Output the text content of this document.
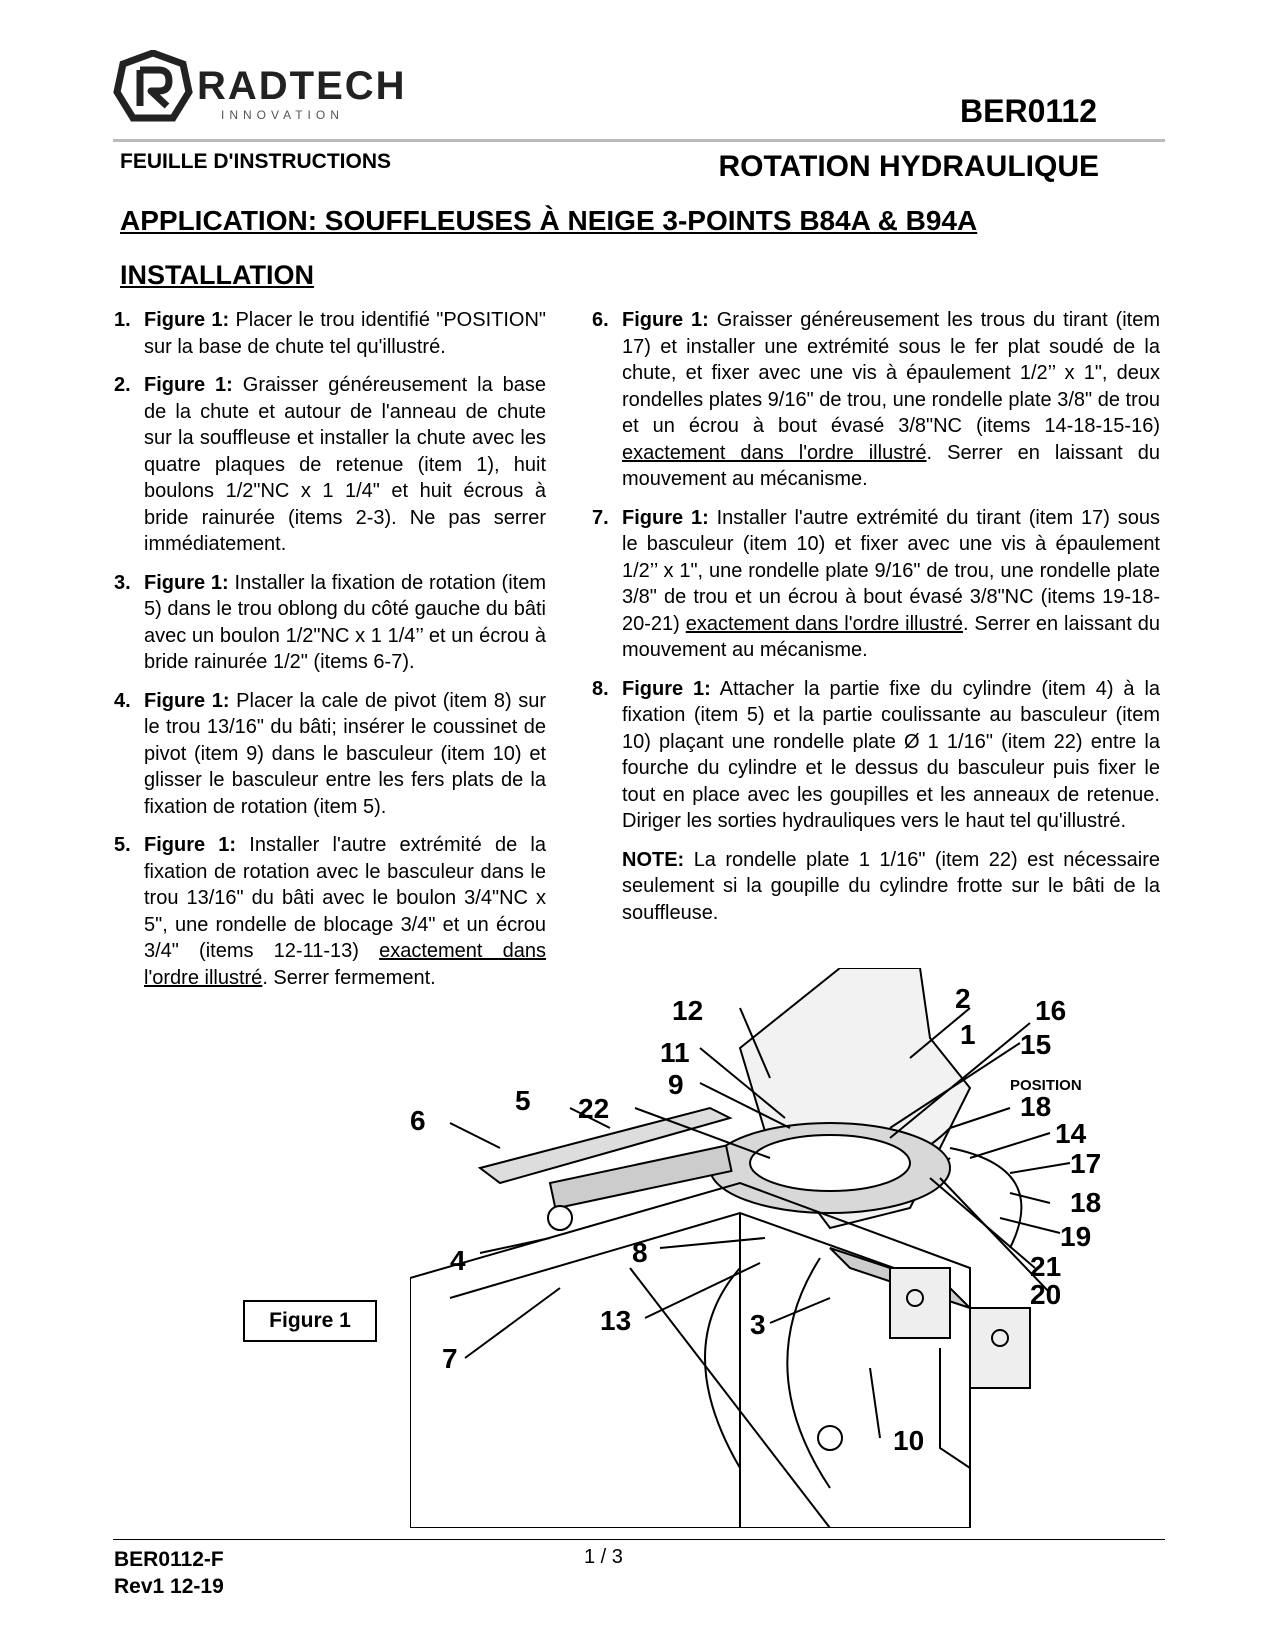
RADTECH
INNOVATION	BER0112
FEUILLE D'INSTRUCTIONS	ROTATION HYDRAULIQUE
APPLICATION: SOUFFLEUSES À NEIGE 3-POINTS B84A & B94A
INSTALLATION
1. Figure 1: Placer le trou identifié "POSITION" sur la base de chute tel qu'illustré.
2. Figure 1: Graisser généreusement la base de la chute et autour de l'anneau de chute sur la souffleuse et installer la chute avec les quatre plaques de retenue (item 1), huit boulons 1/2"NC x 1 1/4" et huit écrous à bride rainurée (items 2-3). Ne pas serrer immédiatement.
3. Figure 1: Installer la fixation de rotation (item 5) dans le trou oblong du côté gauche du bâti avec un boulon 1/2"NC x 1 1/4’’ et un écrou à bride rainurée 1/2" (items 6-7).
4. Figure 1: Placer la cale de pivot (item 8) sur le trou 13/16" du bâti; insérer le coussinet de pivot (item 9) dans le basculeur (item 10) et glisser le basculeur entre les fers plats de la fixation de rotation (item 5).
5. Figure 1: Installer l'autre extrémité de la fixation de rotation avec le basculeur dans le trou 13/16" du bâti avec le boulon 3/4"NC x 5", une rondelle de blocage 3/4" et un écrou 3/4" (items 12-11-13) exactement dans l'ordre illustré. Serrer fermement.
6. Figure 1: Graisser généreusement les trous du tirant (item 17) et installer une extrémité sous le fer plat soudé de la chute, et fixer avec une vis à épaulement 1/2’’ x 1", deux rondelles plates 9/16" de trou, une rondelle plate 3/8" de trou et un écrou à bout évasé 3/8"NC (items 14-18-15-16) exactement dans l'ordre illustré. Serrer en laissant du mouvement au mécanisme.
7. Figure 1: Installer l'autre extrémité du tirant (item 17) sous le basculeur (item 10) et fixer avec une vis à épaulement 1/2’’ x 1", une rondelle plate 9/16" de trou, une rondelle plate 3/8" de trou et un écrou à bout évasé 3/8"NC (items 19-18-20-21) exactement dans l'ordre illustré. Serrer en laissant du mouvement au mécanisme.
8. Figure 1: Attacher la partie fixe du cylindre (item 4) à la fixation (item 5) et la partie coulissante au basculeur (item 10) plaçant une rondelle plate Ø 1 1/16" (item 22) entre la fourche du cylindre et le dessus du basculeur puis fixer le tout en place avec les goupilles et les anneaux de retenue. Diriger les sorties hydrauliques vers le haut tel qu'illustré.
NOTE: La rondelle plate 1 1/16" (item 22) est nécessaire seulement si la goupille du cylindre frotte sur le bâti de la souffleuse.
12	2 16
1 15
11
POSITION
9
18
5 22
6	14
17
18
19
8
4	21
20
13	3
7
10
Figure 1
BER0112-F
Rev1 12-19
1 / 3
